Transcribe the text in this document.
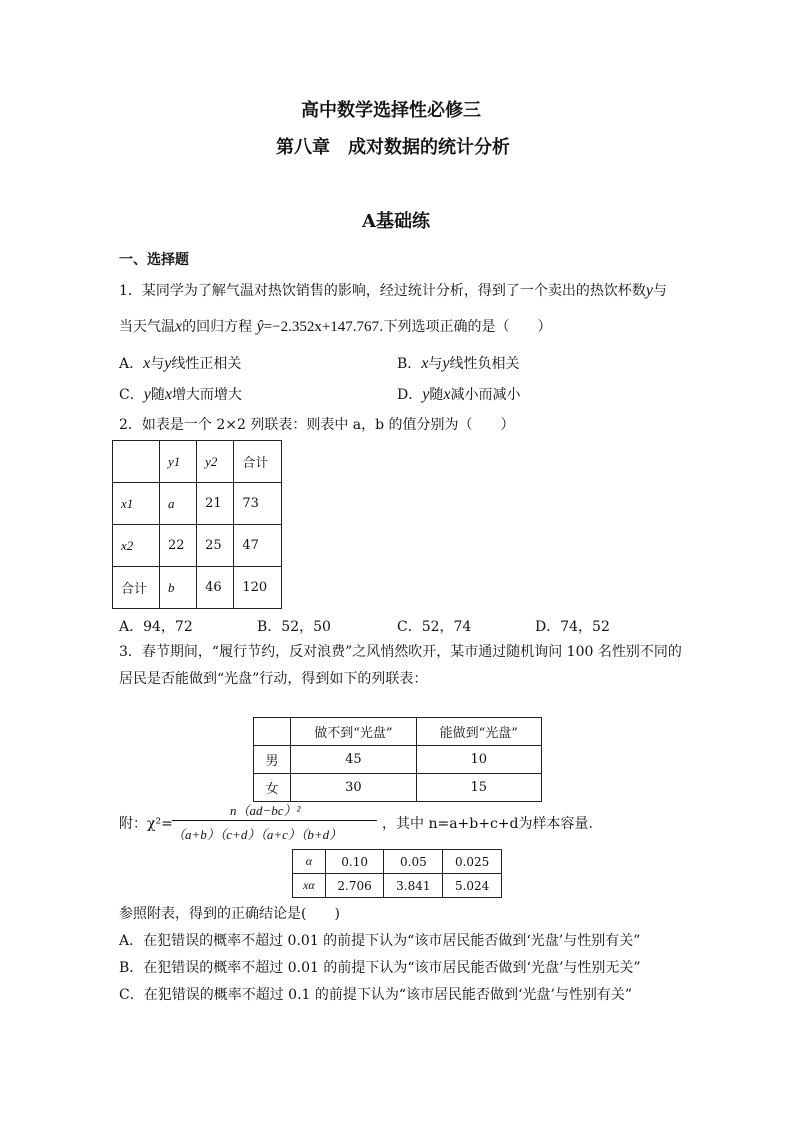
高中数学选择性必修三
第八章　成对数据的统计分析
A基础练
一、选择题
1．某同学为了解气温对热饮销售的影响，经过统计分析，得到了一个卖出的热饮杯数y与
当天气温x的回归方程 ŷ=−2.352x+147.767.下列选项正确的是（　　）
A．x与y线性正相关	B．x与y线性负相关
C．y随x增大而增大	D．y随x减小而减小
2．如表是一个 2×2 列联表：则表中 a，b 的值分别为（　　）
	y1	y2	合计
x1	a	21	73
x2	22	25	47
合计	b	46	120
A．94，72	B．52，50	C．52，74	D．74，52
3．春节期间，“履行节约，反对浪费”之风悄然吹开，某市通过随机询问 100 名性别不同的
居民是否能做到“光盘”行动，得到如下的列联表：
	做不到“光盘”	能做到“光盘”
男	45	10
女	30	15
附：χ²=
n（ad−bc）²
（a+b）（c+d）（a+c）（b+d）
，其中 n=a+b+c+d为样本容量．
α	0.10	0.05	0.025
xα	2.706	3.841	5.024
参照附表，得到的正确结论是(　　)
A．在犯错误的概率不超过 0.01 的前提下认为“该市居民能否做到‘光盘’与性别有关”
B．在犯错误的概率不超过 0.01 的前提下认为“该市居民能否做到‘光盘’与性别无关”
C．在犯错误的概率不超过 0.1 的前提下认为“该市居民能否做到‘光盘’与性别有关”
